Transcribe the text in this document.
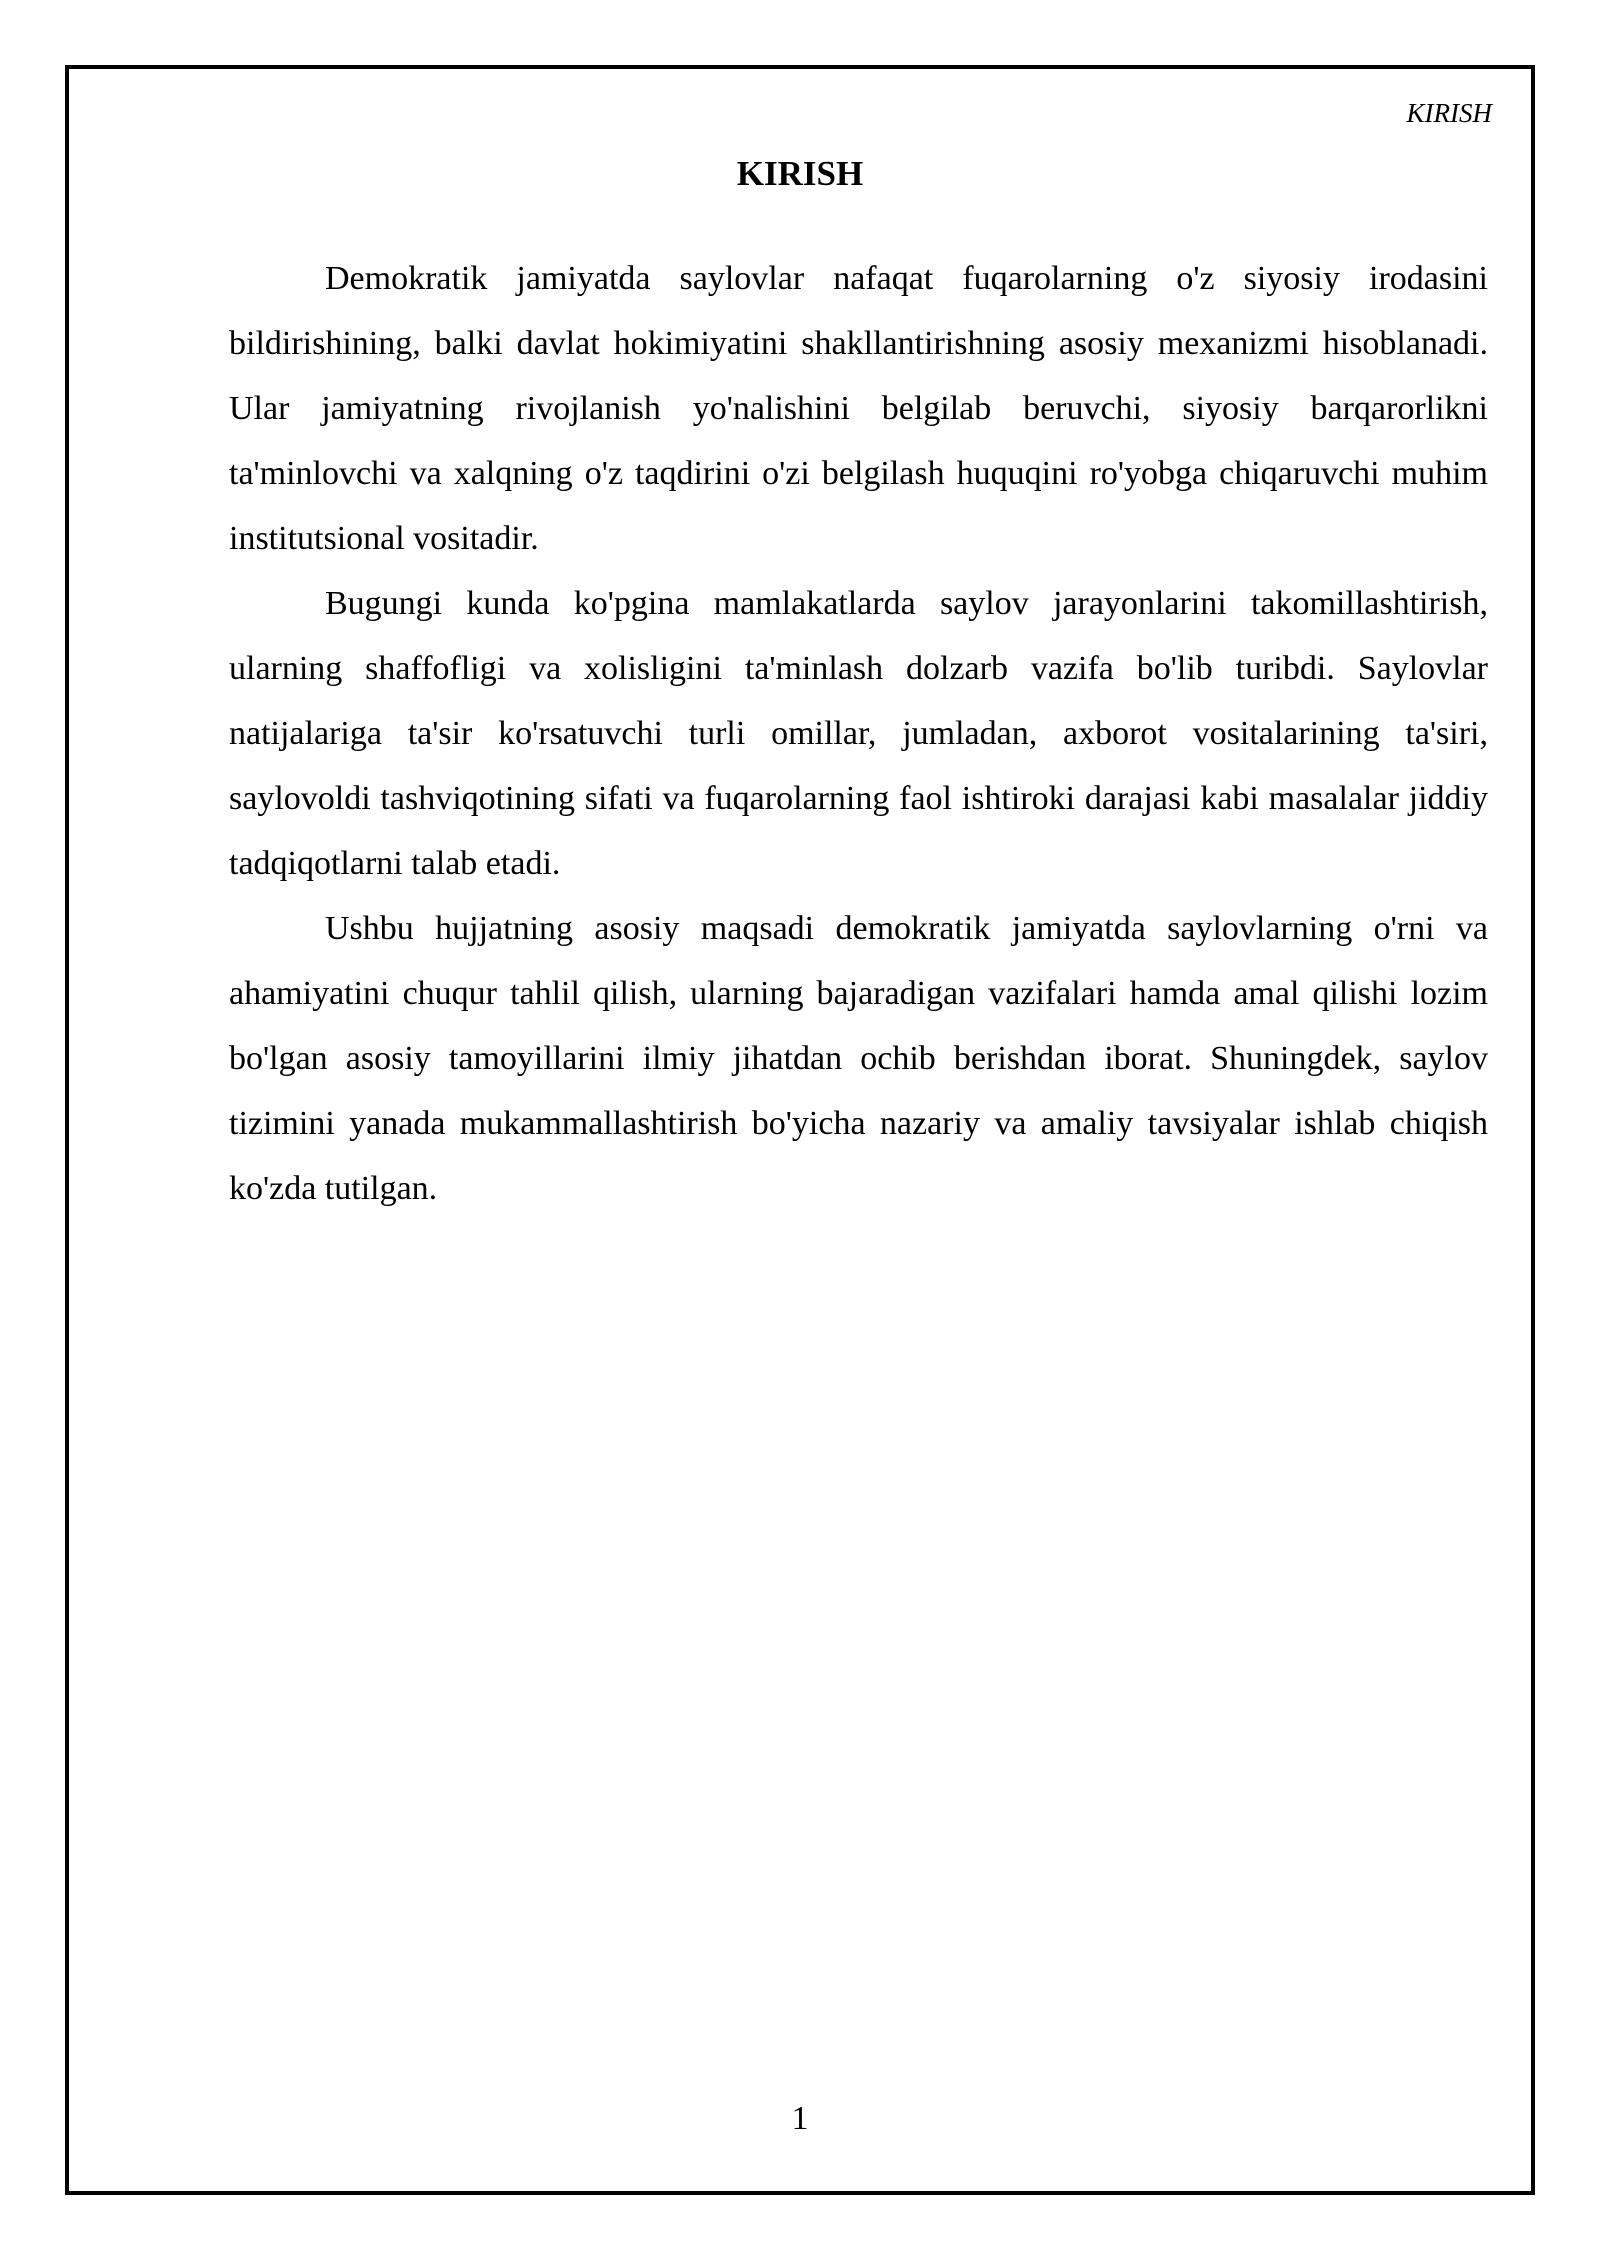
KIRISH
KIRISH

Demokratik jamiyatda saylovlar nafaqat fuqarolarning o'z siyosiy irodasini bildirishining, balki davlat hokimiyatini shakllantirishning asosiy mexanizmi hisoblanadi. Ular jamiyatning rivojlanish yo'nalishini belgilab beruvchi, siyosiy barqarorlikni ta'minlovchi va xalqning o'z taqdirini o'zi belgilash huquqini ro'yobga chiqaruvchi muhim institutsional vositadir.

Bugungi kunda ko'pgina mamlakatlarda saylov jarayonlarini takomillashtirish, ularning shaffofligi va xolisligini ta'minlash dolzarb vazifa bo'lib turibdi. Saylovlar natijalariga ta'sir ko'rsatuvchi turli omillar, jumladan, axborot vositalarining ta'siri, saylovoldi tashviqotining sifati va fuqarolarning faol ishtiroki darajasi kabi masalalar jiddiy tadqiqotlarni talab etadi.

Ushbu hujjatning asosiy maqsadi demokratik jamiyatda saylovlarning o'rni va ahamiyatini chuqur tahlil qilish, ularning bajaradigan vazifalari hamda amal qilishi lozim bo'lgan asosiy tamoyillarini ilmiy jihatdan ochib berishdan iborat. Shuningdek, saylov tizimini yanada mukammallashtirish bo'yicha nazariy va amaliy tavsiyalar ishlab chiqish ko'zda tutilgan.

1
